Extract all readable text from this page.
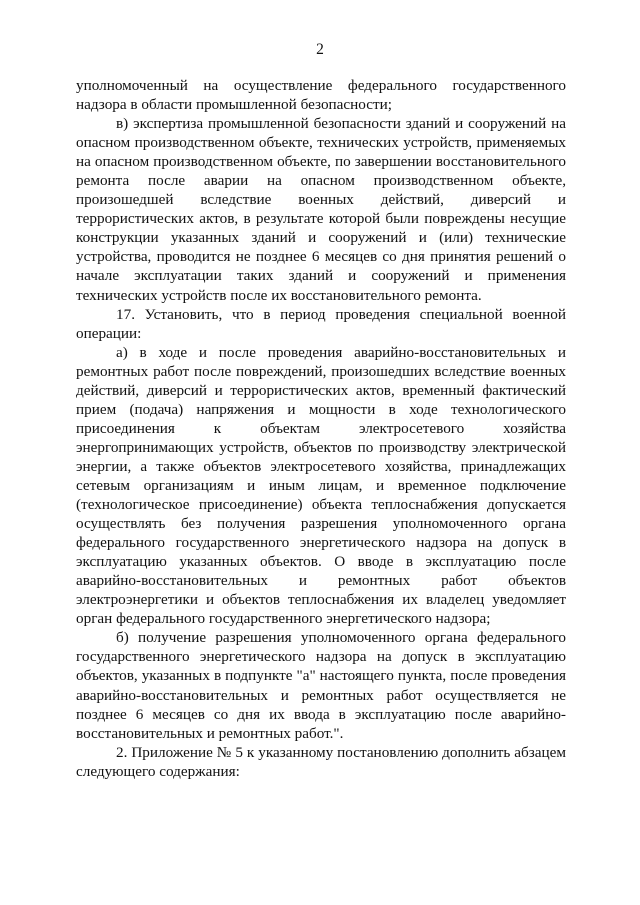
2

уполномоченный на осуществление федерального государственного надзора в области промышленной безопасности;

в) экспертиза промышленной безопасности зданий и сооружений на опасном производственном объекте, технических устройств, применяемых на опасном производственном объекте, по завершении восстановительного ремонта после аварии на опасном производственном объекте, произошедшей вследствие военных действий, диверсий и террористических актов, в результате которой были повреждены несущие конструкции указанных зданий и сооружений и (или) технические устройства, проводится не позднее 6 месяцев со дня принятия решений о начале эксплуатации таких зданий и сооружений и применения технических устройств после их восстановительного ремонта.

17. Установить, что в период проведения специальной военной операции:

а) в ходе и после проведения аварийно-восстановительных и ремонтных работ после повреждений, произошедших вследствие военных действий, диверсий и террористических актов, временный фактический прием (подача) напряжения и мощности в ходе технологического присоединения к объектам электросетевого хозяйства энергопринимающих устройств, объектов по производству электрической энергии, а также объектов электросетевого хозяйства, принадлежащих сетевым организациям и иным лицам, и временное подключение (технологическое присоединение) объекта теплоснабжения допускается осуществлять без получения разрешения уполномоченного органа федерального государственного энергетического надзора на допуск в эксплуатацию указанных объектов. О вводе в эксплуатацию после аварийно-восстановительных и ремонтных работ объектов электроэнергетики и объектов теплоснабжения их владелец уведомляет орган федерального государственного энергетического надзора;

б) получение разрешения уполномоченного органа федерального государственного энергетического надзора на допуск в эксплуатацию объектов, указанных в подпункте "а" настоящего пункта, после проведения аварийно-восстановительных и ремонтных работ осуществляется не позднее 6 месяцев со дня их ввода в эксплуатацию после аварийно-восстановительных и ремонтных работ.".

2. Приложение № 5 к указанному постановлению дополнить абзацем следующего содержания:
